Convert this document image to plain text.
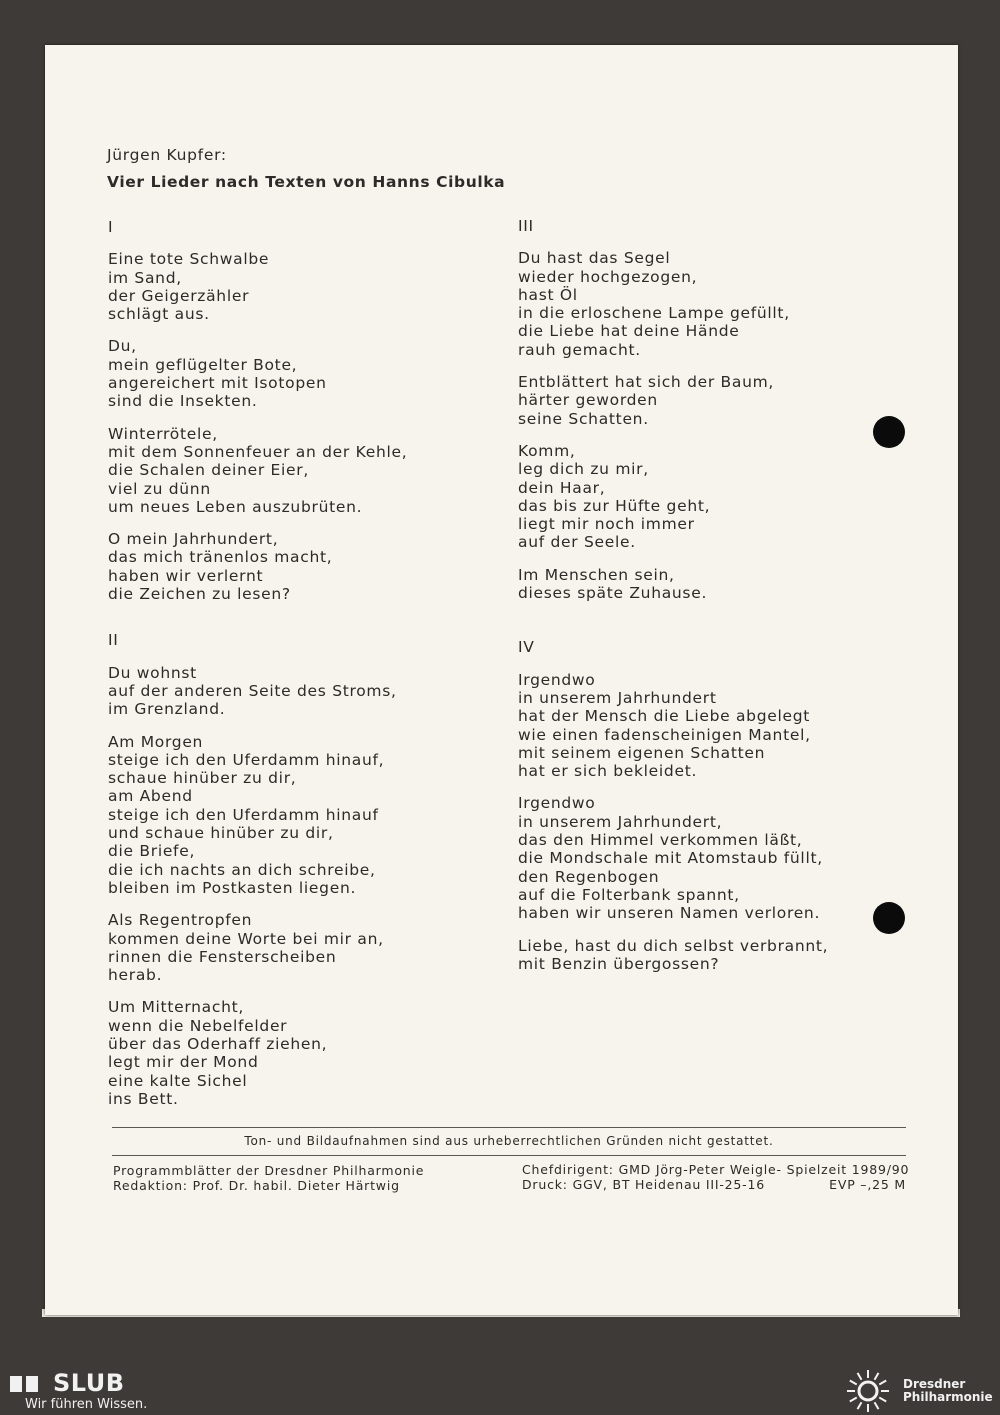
Jürgen Kupfer:
Vier Lieder nach Texten von Hanns Cibulka
I
Eine tote Schwalbe
im Sand,
der Geigerzähler
schlägt aus.
Du,
mein geflügelter Bote,
angereichert mit Isotopen
sind die Insekten.
Winterrötele,
mit dem Sonnenfeuer an der Kehle,
die Schalen deiner Eier,
viel zu dünn
um neues Leben auszubrüten.
O mein Jahrhundert,
das mich tränenlos macht,
haben wir verlernt
die Zeichen zu lesen?
II
Du wohnst
auf der anderen Seite des Stroms,
im Grenzland.
Am Morgen
steige ich den Uferdamm hinauf,
schaue hinüber zu dir,
am Abend
steige ich den Uferdamm hinauf
und schaue hinüber zu dir,
die Briefe,
die ich nachts an dich schreibe,
bleiben im Postkasten liegen.
Als Regentropfen
kommen deine Worte bei mir an,
rinnen die Fensterscheiben
herab.
Um Mitternacht,
wenn die Nebelfelder
über das Oderhaff ziehen,
legt mir der Mond
eine kalte Sichel
ins Bett.
III
Du hast das Segel
wieder hochgezogen,
hast Öl
in die erloschene Lampe gefüllt,
die Liebe hat deine Hände
rauh gemacht.
Entblättert hat sich der Baum,
härter geworden
seine Schatten.
Komm,
leg dich zu mir,
dein Haar,
das bis zur Hüfte geht,
liegt mir noch immer
auf der Seele.
Im Menschen sein,
dieses späte Zuhause.
IV
Irgendwo
in unserem Jahrhundert
hat der Mensch die Liebe abgelegt
wie einen fadenscheinigen Mantel,
mit seinem eigenen Schatten
hat er sich bekleidet.
Irgendwo
in unserem Jahrhundert,
das den Himmel verkommen läßt,
die Mondschale mit Atomstaub füllt,
den Regenbogen
auf die Folterbank spannt,
haben wir unseren Namen verloren.
Liebe, hast du dich selbst verbrannt,
mit Benzin übergossen?
Ton- und Bildaufnahmen sind aus urheberrechtlichen Gründen nicht gestattet.
Programmblätter der Dresdner Philharmonie
Redaktion: Prof. Dr. habil. Dieter Härtwig
Chefdirigent: GMD Jörg-Peter Weigle - Spielzeit 1989/90
Druck: GGV, BT Heidenau III-25-16	EVP –,25 M
SLUB
Wir führen Wissen.
Dresdner
Philharmonie
